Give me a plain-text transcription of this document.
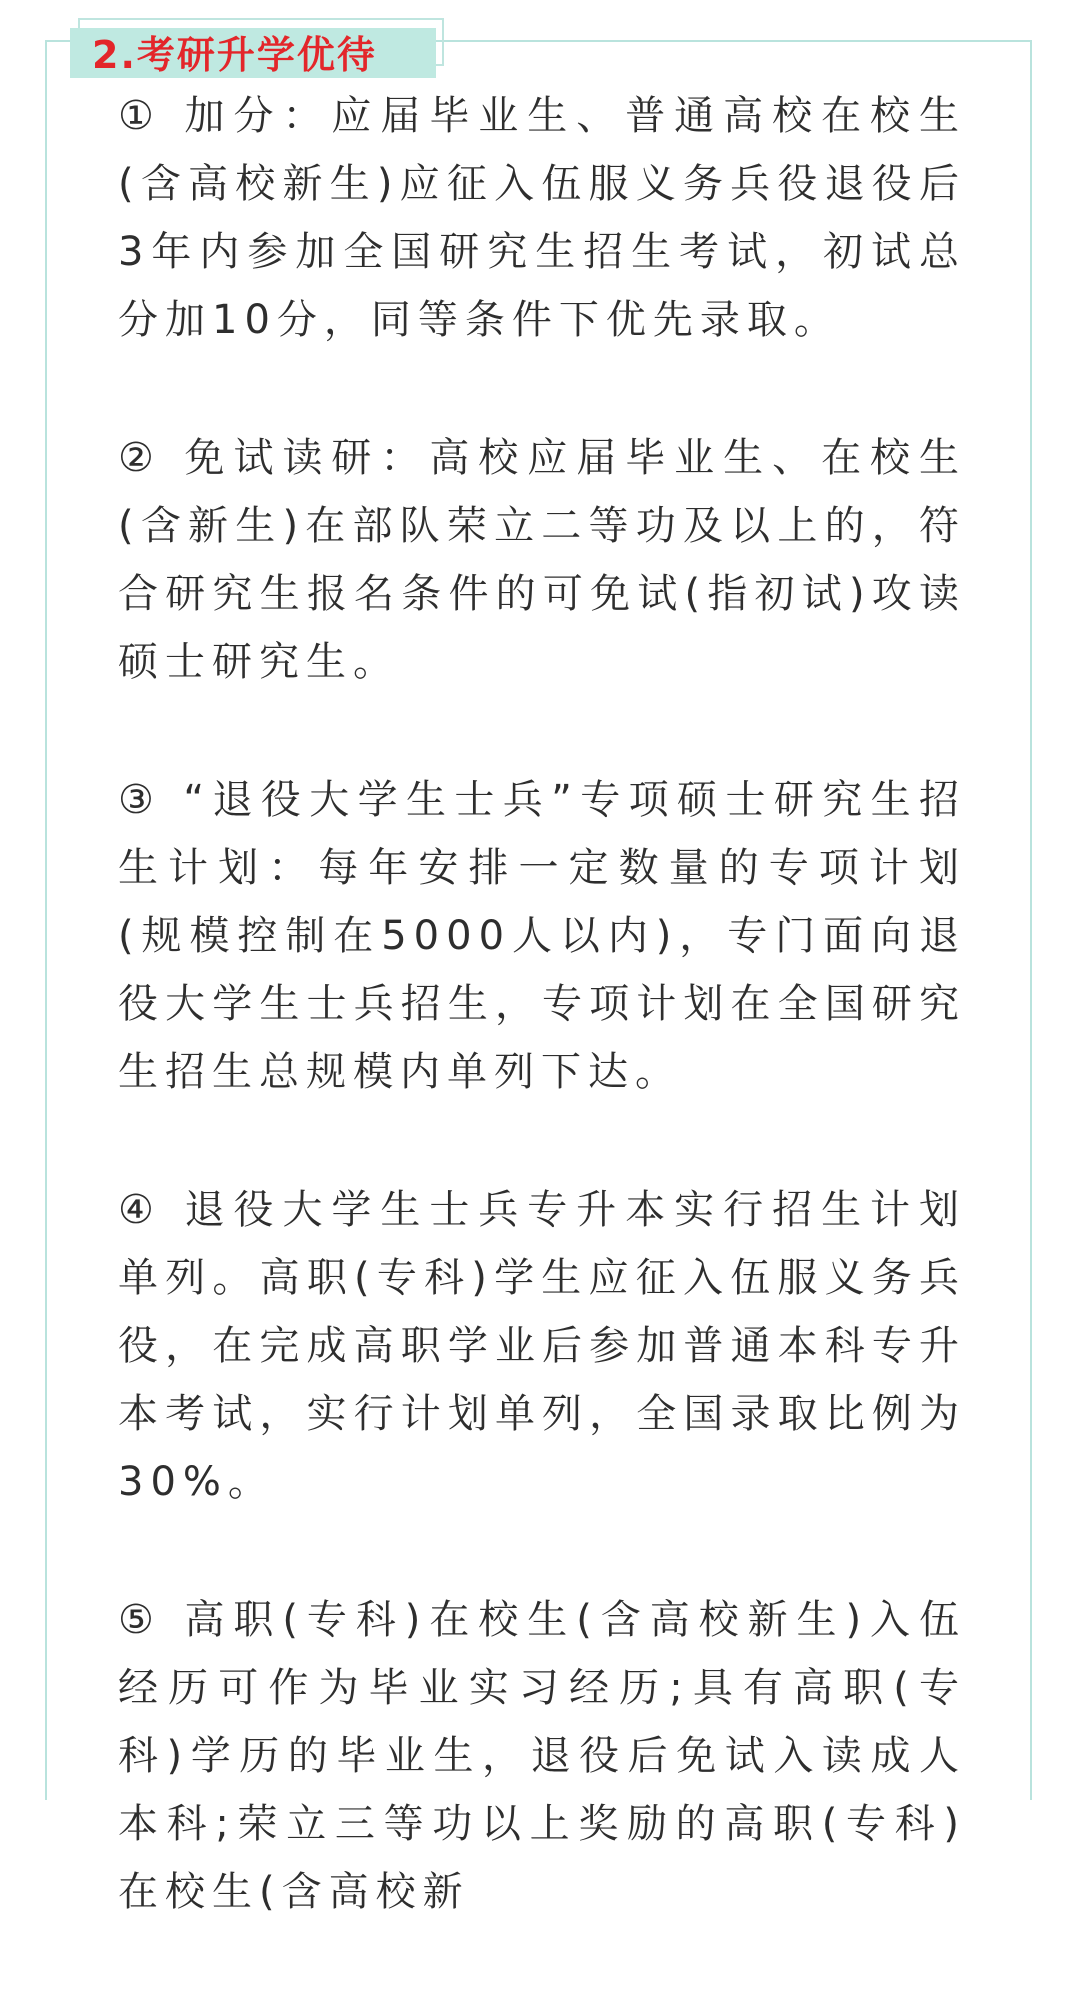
2.考研升学优待

① 加分：应届毕业生、普通高校在校生(含高校新生)应征入伍服义务兵役退役后3年内参加全国研究生招生考试，初试总分加10分，同等条件下优先录取。

② 免试读研：高校应届毕业生、在校生(含新生)在部队荣立二等功及以上的，符合研究生报名条件的可免试(指初试)攻读硕士研究生。

③ “退役大学生士兵”专项硕士研究生招生计划：每年安排一定数量的专项计划(规模控制在5000人以内)，专门面向退役大学生士兵招生，专项计划在全国研究生招生总规模内单列下达。

④ 退役大学生士兵专升本实行招生计划单列。高职(专科)学生应征入伍服义务兵役，在完成高职学业后参加普通本科专升本考试，实行计划单列，全国录取比例为30%。

⑤ 高职(专科)在校生(含高校新生)入伍经历可作为毕业实习经历;具有高职(专科)学历的毕业生，退役后免试入读成人本科;荣立三等功以上奖励的高职(专科)在校生(含高校新
